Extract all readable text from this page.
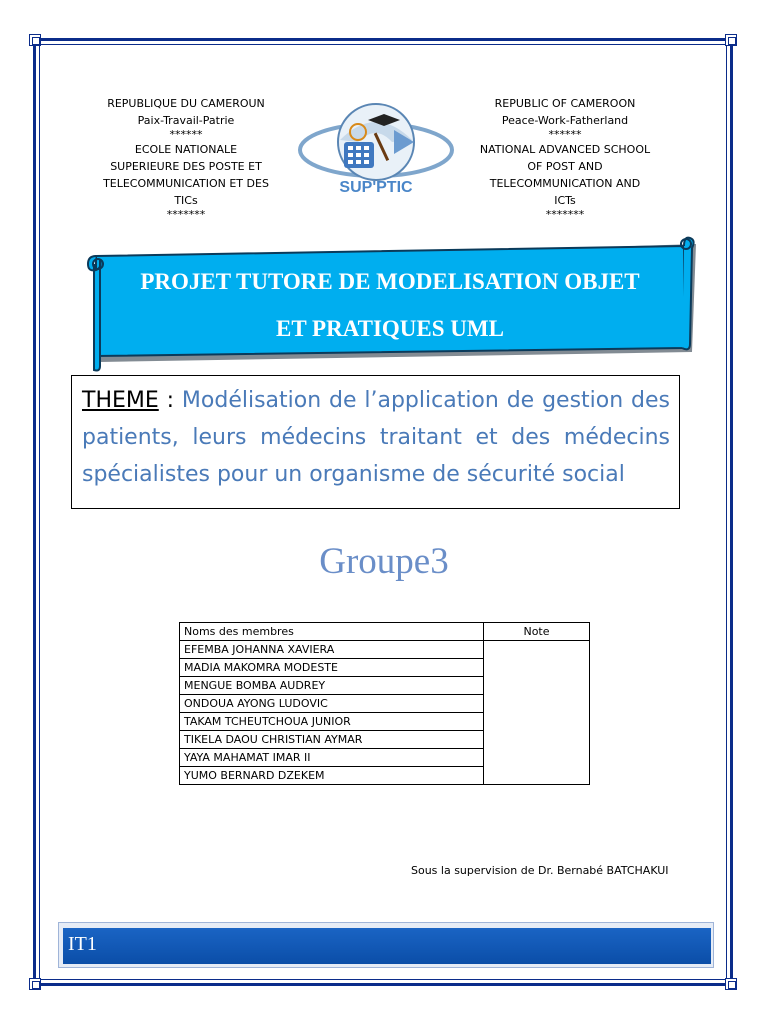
REPUBLIQUE DU CAMEROUN
Paix-Travail-Patrie
******
ECOLE NATIONALE
SUPERIEURE DES POSTE ET
TELECOMMUNICATION ET DES
TICs
*******
SUP'PTIC
REPUBLIC OF CAMEROON
Peace-Work-Fatherland
******
NATIONAL ADVANCED SCHOOL
OF POST AND
TELECOMMUNICATION AND
ICTs
*******
PROJET TUTORE DE MODELISATION OBJET
ET PRATIQUES UML
THEME : Modélisation de l’application de gestion des patients, leurs médecins traitant et des médecins spécialistes pour un organisme de sécurité social
Groupe3
Noms des membres	Note
EFEMBA JOHANNA XAVIERA	
MADIA MAKOMRA MODESTE	
MENGUE BOMBA AUDREY	
ONDOUA AYONG LUDOVIC	
TAKAM TCHEUTCHOUA JUNIOR	
TIKELA DAOU CHRISTIAN AYMAR	
YAYA MAHAMAT IMAR II	
YUMO BERNARD DZEKEM	
Sous la supervision de Dr. Bernabé BATCHAKUI
IT1
